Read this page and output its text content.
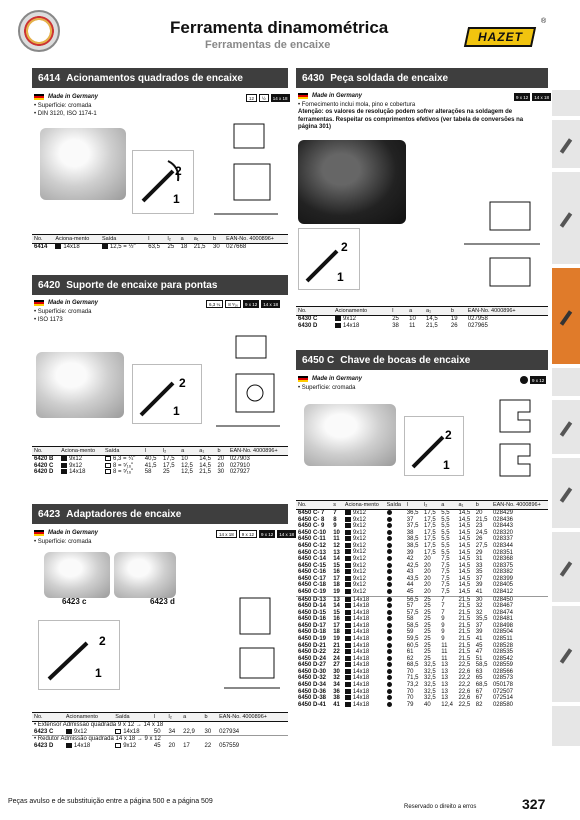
Ferramenta dinamométrica
Ferramentas de encaixe
HAZET
®
6414 Acionamentos quadrados de encaixe
Made in Germany
• Superfície: cromada
• DIN 3120, ISO 1174-1
12	½	14 x 18
2
1
No.	Aciona-mento	Saída	l	l₂	a	a₁	b	EAN-No. 4000896+
6414	14x18	12,5 = ½"	63,5	25	18	21,5	30	027668
6420 Suporte de encaixe para pontas
Made in Germany
• Superfície: cromada
• ISO 1173
6,3 ¼	8 ⁵⁄₁₆	9 x 12	14 x 18
2
1
No.	Aciona-mento	Saída	l	l₂	a	a₁	b	EAN-No. 4000896+
6420 B	9x12	6,3 = ¼"	40,5	17,5	10	14,5	20	027903
6420 C	9x12	8 = ⁵⁄₁₆"	41,5	17,5	12,5	14,5	20	027910
6420 D	14x18	8 = ⁵⁄₁₆"	58	25	12,5	21,5	30	027927
6423 Adaptadores de encaixe
Made in Germany
• Superfície: cromada
14 x 18	9 x 12	9 x 12	14 x 18
6423 c	6423 d
2
1
No.	Acionamento	Saída	l	l₂	a	b	EAN-No. 4000896+
• Extensor Admissão quadrada 9 x 12 → 14 x 18							
6423 C	9x12	14x18	50	34	22,9	30	027934
• Redutor Admissão quadrada 14 x 18 → 9 x 12							
6423 D	14x18	9x12	45	20	17	22	057559
6430 Peça soldada de encaixe
Made in Germany	9 x 12	14 x 18
• Fornecimento inclui mola, pino e cobertura
Atenção: os valores de resolução podem sofrer alterações na soldagem de ferramentas. Respeitar os comprimentos efetivos (ver tabela de conversões na página 301)
2
1
No.	Acionamento	l	a	a₁	b	EAN-No. 4000896+
6430 C	9x12	25	10	14,5	19	027958
6430 D	14x18	38	11	21,5	26	027965
6450 C Chave de bocas de encaixe
Made in Germany
• Superfície: cromada
9 x 12
2
1
No.	s	Aciona-mento	Saída	l	l₂	a	a₁	b	EAN-No. 4000896+
6450 C- 7	7	9x12		36,5	17,5	5,5	14,5	20	028429
6450 C- 8	8	9x12		37	17,5	5,5	14,5	21,5	028436
6450 C- 9	9	9x12		37,5	17,5	5,5	14,5	23	028443
6450 C-10	10	9x12		38	17,5	5,5	14,5	24,5	028320
6450 C-11	11	9x12		38,5	17,5	5,5	14,5	26	028337
6450 C-12	12	9x12		38,5	17,5	5,5	14,5	27,5	028344
6450 C-13	13	9x12		39	17,5	5,5	14,5	29	028351
6450 C-14	14	9x12		42	20	7,5	14,5	31	028368
6450 C-15	15	9x12		42,5	20	7,5	14,5	33	028375
6450 C-16	16	9x12		43	20	7,5	14,5	35	028382
6450 C-17	17	9x12		43,5	20	7,5	14,5	37	028399
6450 C-18	18	9x12		44	20	7,5	14,5	39	028405
6450 C-19	19	9x12		45	20	7,5	14,5	41	028412
6450 D-13	13	14x18		56,5	25	7	21,5	30	028450
6450 D-14	14	14x18		57	25	7	21,5	32	028467
6450 D-15	15	14x18		57,5	25	7	21,5	32	028474
6450 D-16	16	14x18		58	25	9	21,5	35,5	028481
6450 D-17	17	14x18		58,5	25	9	21,5	37	028498
6450 D-18	18	14x18		59	25	9	21,5	39	028504
6450 D-19	19	14x18		59,5	25	9	21,5	41	028511
6450 D-21	21	14x18		60,5	25	11	21,5	45	028528
6450 D-22	22	14x18		61	25	11	21,5	47	028535
6450 D-24	24	14x18		62	25	11	21,5	51	028542
6450 D-27	27	14x18		68,5	32,5	13	22,5	58,5	028559
6450 D-30	30	14x18		70	32,5	13	22,6	63	028566
6450 D-32	32	14x18		71,5	32,5	13	22,2	65	028573
6450 D-34	34	14x18		73,2	32,5	13	22,2	68,5	050178
6450 D-36	36	14x18		70	32,5	13	22,6	67	072507
6450 D-38	38	14x18		70	32,5	13	22,6	67	072514
6450 D-41	41	14x18		79	40	12,4	22,5	82	028580
Peças avulso e de substituição entre a página 500 e a página 509
Reservado o direito a erros	327
